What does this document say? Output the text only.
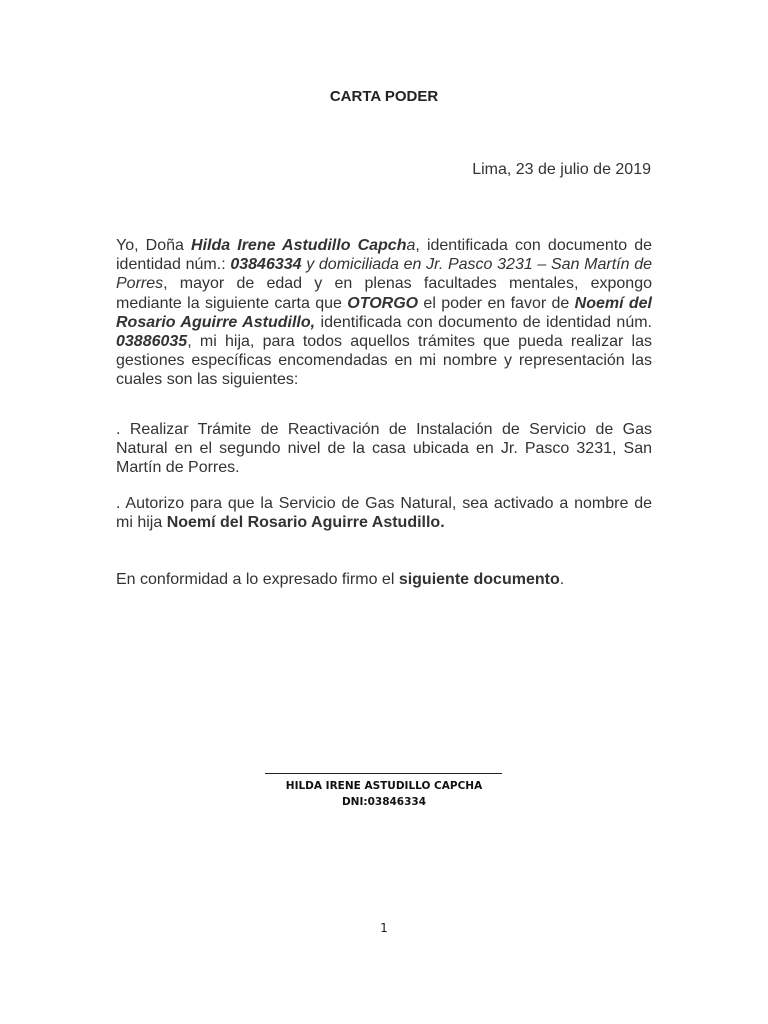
CARTA PODER
Lima, 23 de julio de 2019
Yo, Doña Hilda Irene Astudillo Capcha, identificada con documento de identidad núm.: 03846334 y domiciliada en Jr. Pasco 3231 – San Martín de Porres, mayor de edad y en plenas facultades mentales, expongo mediante la siguiente carta que OTORGO el poder en favor de Noemí del Rosario Aguirre Astudillo, identificada con documento de identidad núm. 03886035, mi hija, para todos aquellos trámites que pueda realizar las gestiones específicas encomendadas en mi nombre y representación las cuales son las siguientes:
. Realizar Trámite de Reactivación de Instalación de Servicio de Gas Natural en el segundo nivel de la casa ubicada en Jr. Pasco 3231, San Martín de Porres.
. Autorizo para que la Servicio de Gas Natural, sea activado a nombre de mi hija Noemí del Rosario Aguirre Astudillo.
En conformidad a lo expresado firmo el siguiente documento.
HILDA IRENE ASTUDILLO CAPCHA
DNI:03846334
1
